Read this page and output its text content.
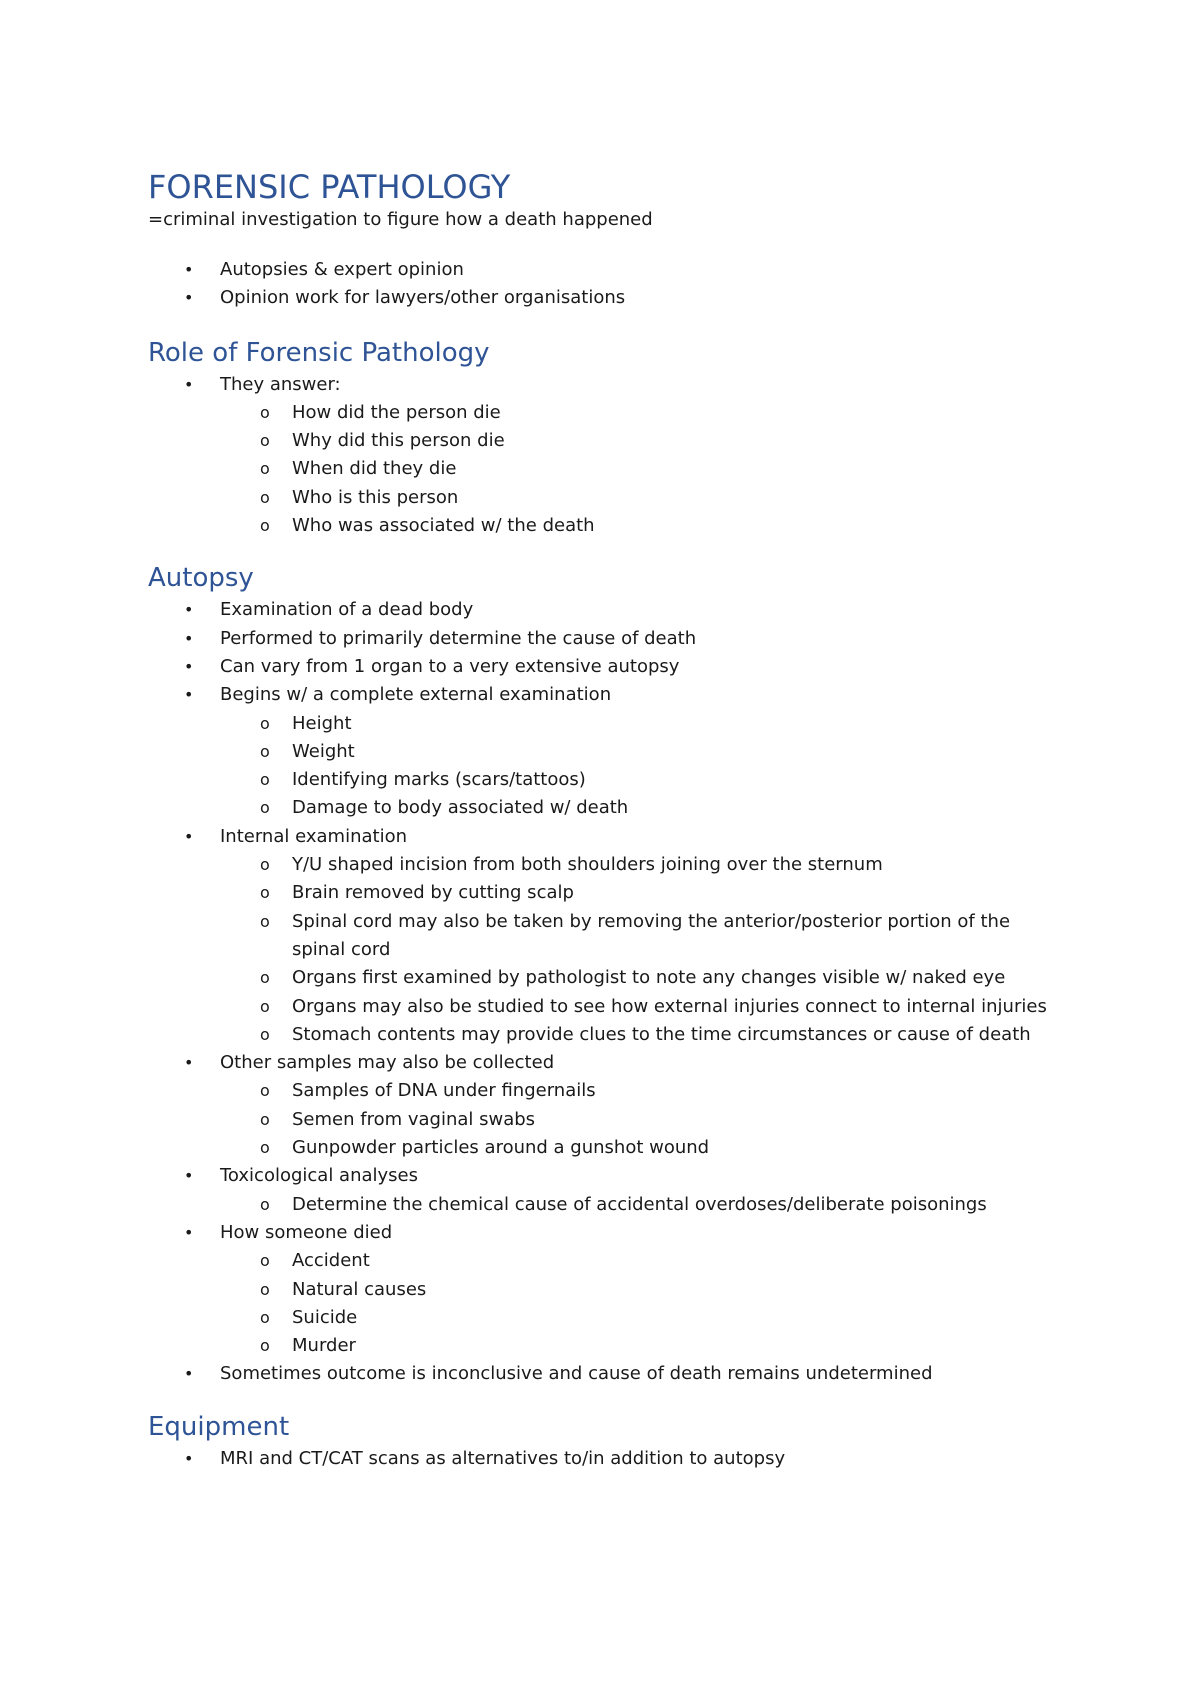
FORENSIC PATHOLOGY

=criminal investigation to figure how a death happened

• Autopsies & expert opinion
• Opinion work for lawyers/other organisations
Role of Forensic Pathology
• They answer:
o How did the person die
o Why did this person die
o When did they die
o Who is this person
o Who was associated w/ the death
Autopsy
• Examination of a dead body
• Performed to primarily determine the cause of death
• Can vary from 1 organ to a very extensive autopsy
• Begins w/ a complete external examination
o Height
o Weight
o Identifying marks (scars/tattoos)
o Damage to body associated w/ death
• Internal examination
o Y/U shaped incision from both shoulders joining over the sternum
o Brain removed by cutting scalp
o Spinal cord may also be taken by removing the anterior/posterior portion of the spinal cord
o Organs first examined by pathologist to note any changes visible w/ naked eye
o Organs may also be studied to see how external injuries connect to internal injuries
o Stomach contents may provide clues to the time circumstances or cause of death
• Other samples may also be collected
o Samples of DNA under fingernails
o Semen from vaginal swabs
o Gunpowder particles around a gunshot wound
• Toxicological analyses
o Determine the chemical cause of accidental overdoses/deliberate poisonings
• How someone died
o Accident
o Natural causes
o Suicide
o Murder
• Sometimes outcome is inconclusive and cause of death remains undetermined
Equipment
• MRI and CT/CAT scans as alternatives to/in addition to autopsy
